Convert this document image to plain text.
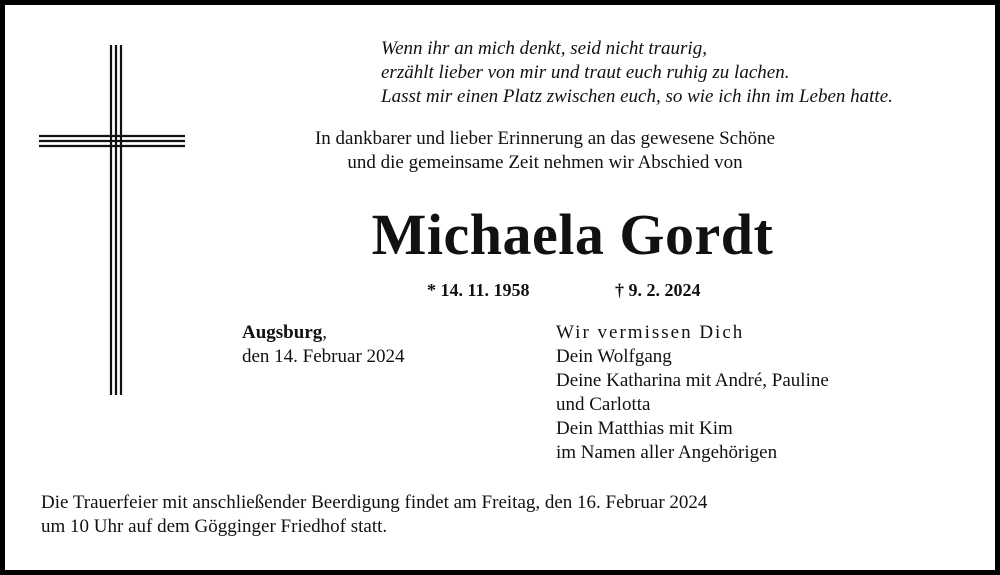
Wenn ihr an mich denkt, seid nicht traurig,
erzählt lieber von mir und traut euch ruhig zu lachen.
Lasst mir einen Platz zwischen euch, so wie ich ihn im Leben hatte.
In dankbarer und lieber Erinnerung an das gewesene Schöne
und die gemeinsame Zeit nehmen wir Abschied von
Michaela Gordt
* 14. 11. 1958	† 9. 2. 2024
Augsburg,
den 14. Februar 2024
Wir vermissen Dich
Dein Wolfgang
Deine Katharina mit André, Pauline
und Carlotta
Dein Matthias mit Kim
im Namen aller Angehörigen
Die Trauerfeier mit anschließender Beerdigung findet am Freitag, den 16. Februar 2024
um 10 Uhr auf dem Gögginger Friedhof statt.
